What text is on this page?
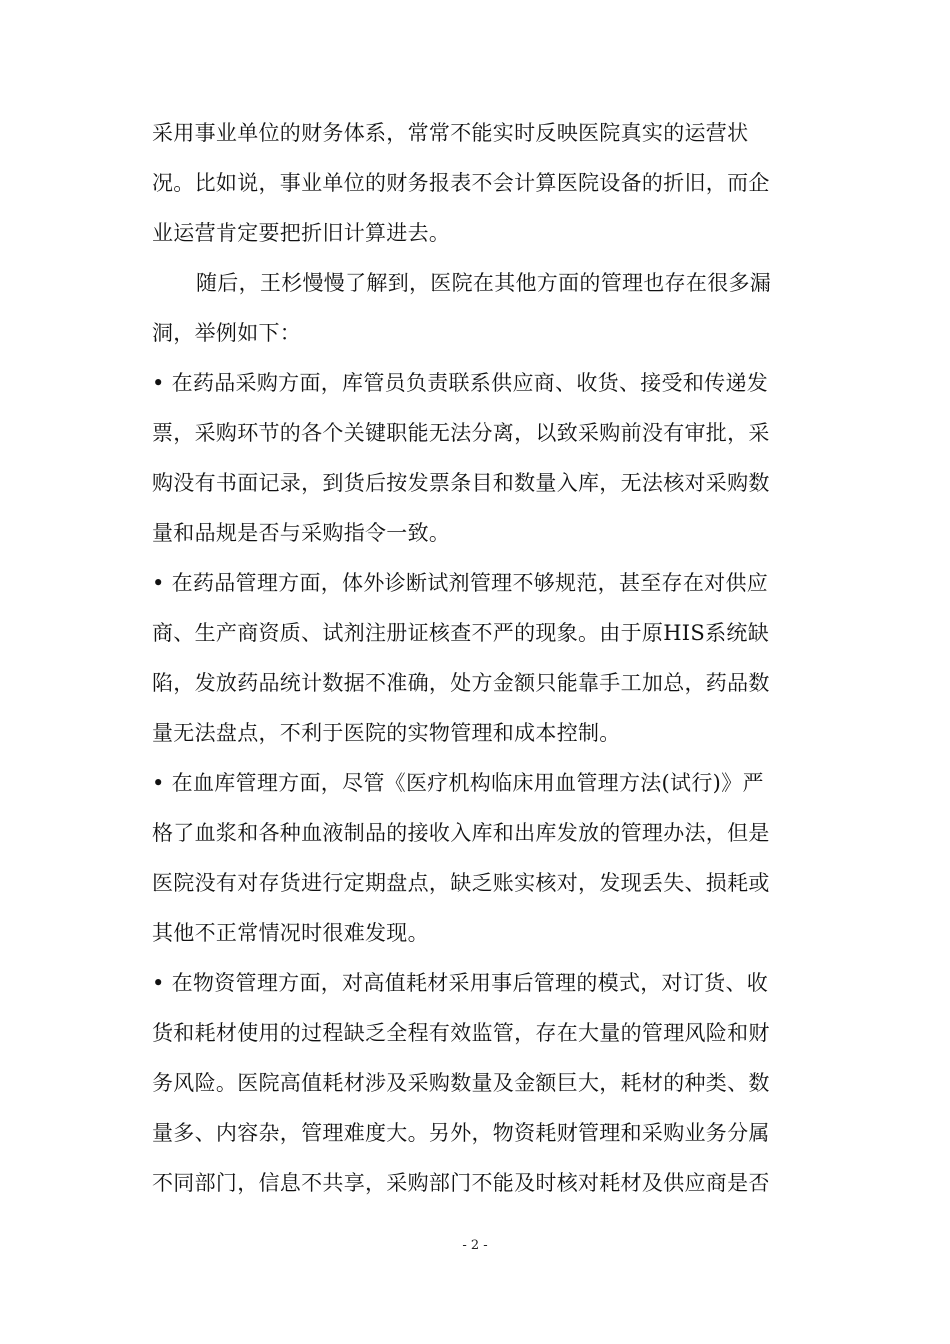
采用事业单位的财务体系，常常不能实时反映医院真实的运营状
况。比如说，事业单位的财务报表不会计算医院设备的折旧，而企
业运营肯定要把折旧计算进去。
随后，王杉慢慢了解到，医院在其他方面的管理也存在很多漏
洞，举例如下：
• 在药品采购方面，库管员负责联系供应商、收货、接受和传递发
票，采购环节的各个关键职能无法分离，以致采购前没有审批，采
购没有书面记录，到货后按发票条目和数量入库，无法核对采购数
量和品规是否与采购指令一致。
• 在药品管理方面，体外诊断试剂管理不够规范，甚至存在对供应
商、生产商资质、试剂注册证核查不严的现象。由于原HIS系统缺
陷，发放药品统计数据不准确，处方金额只能靠手工加总，药品数
量无法盘点，不利于医院的实物管理和成本控制。
• 在血库管理方面，尽管《医疗机构临床用血管理方法(试行)》严
格了血浆和各种血液制品的接收入库和出库发放的管理办法，但是
医院没有对存货进行定期盘点，缺乏账实核对，发现丢失、损耗或
其他不正常情况时很难发现。
• 在物资管理方面，对高值耗材采用事后管理的模式，对订货、收
货和耗材使用的过程缺乏全程有效监管，存在大量的管理风险和财
务风险。医院高值耗材涉及采购数量及金额巨大，耗材的种类、数
量多、内容杂，管理难度大。另外，物资耗财管理和采购业务分属
不同部门，信息不共享，采购部门不能及时核对耗材及供应商是否
- 2 -
